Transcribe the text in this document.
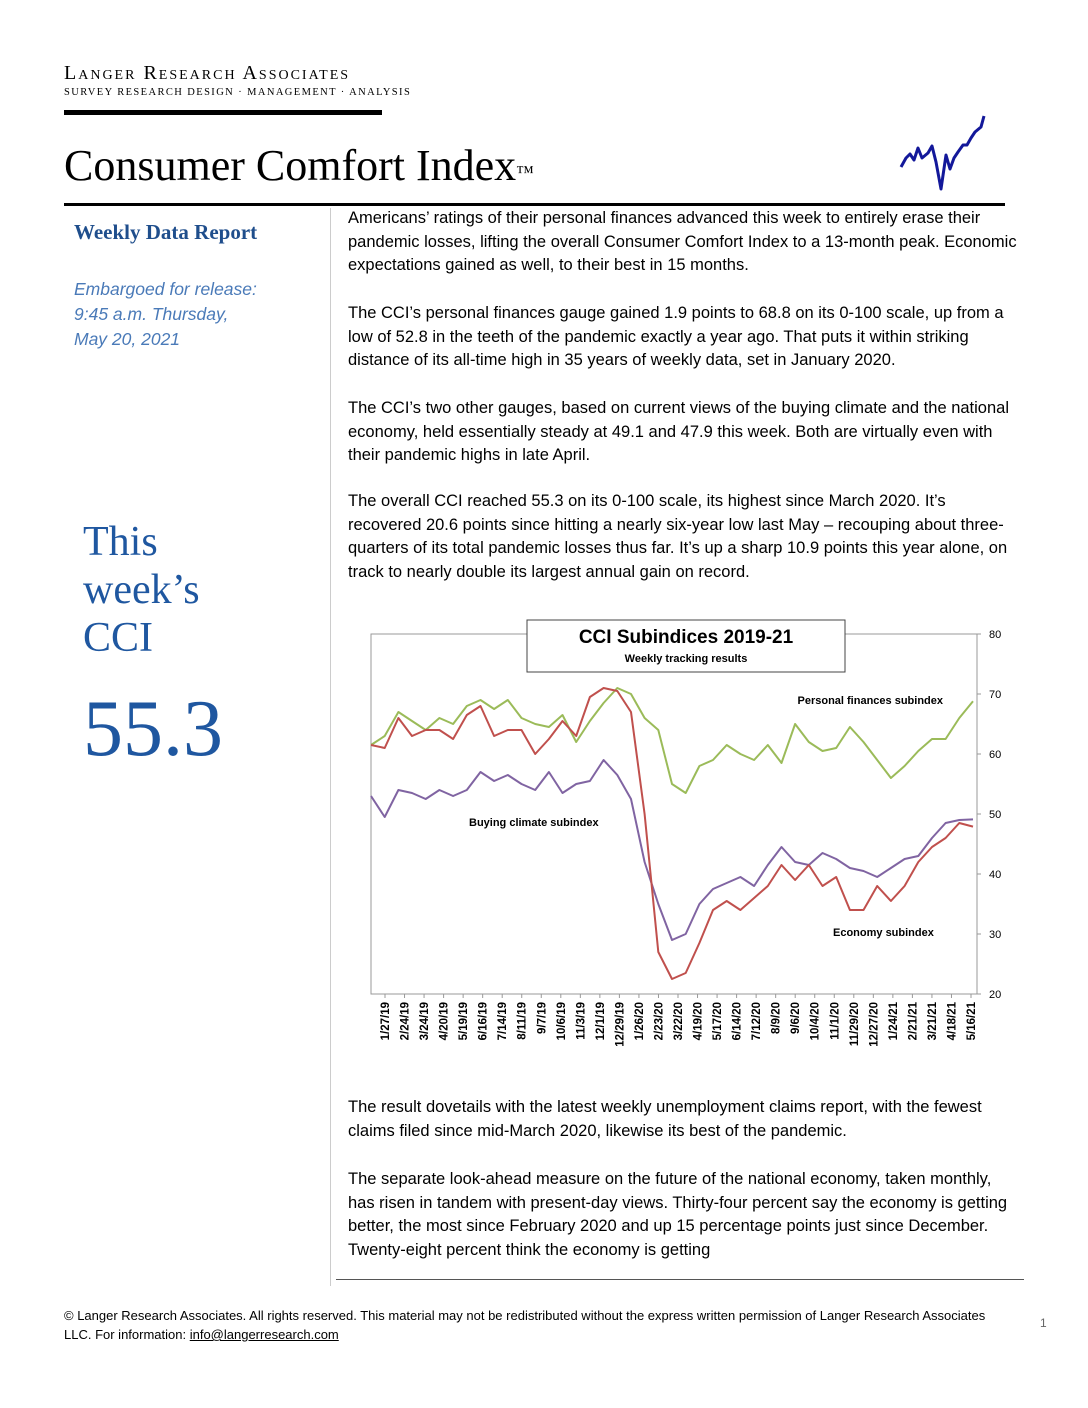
Langer Research Associates
SURVEY RESEARCH DESIGN · MANAGEMENT · ANALYSIS
Consumer Comfort Index™
Weekly Data Report
Embargoed for release:
9:45 a.m. Thursday,
May 20, 2021
This
week’s
CCI
55.3

Americans’ ratings of their personal finances advanced this week to entirely erase their pandemic losses, lifting the overall Consumer Comfort Index to a 13-month peak. Economic expectations gained as well, to their best in 15 months.

The CCI’s personal finances gauge gained 1.9 points to 68.8 on its 0-100 scale, up from a low of 52.8 in the teeth of the pandemic exactly a year ago. That puts it within striking distance of its all-time high in 35 years of weekly data, set in January 2020.

The CCI’s two other gauges, based on current views of the buying climate and the national economy, held essentially steady at 49.1 and 47.9 this week. Both are virtually even with their pandemic highs in late April.

The overall CCI reached 55.3 on its 0-100 scale, its highest since March 2020. It’s recovered 20.6 points since hitting a nearly six-year low last May – recouping about three-quarters of its total pandemic losses thus far. It’s up a sharp 10.9 points this year alone, on track to nearly double its largest annual gain on record.

20
30
40
50
60
70
80
1/27/19 2/24/19 3/24/19 4/20/19 5/19/19 6/16/19 7/14/19 8/11/19 9/7/19 10/6/19 11/3/19 12/1/19 12/29/19 1/26/20 2/23/20 3/22/20 4/19/20 5/17/20 6/14/20 7/12/20 8/9/20 9/6/20 10/4/20 11/1/20 11/29/20 12/27/20 1/24/21 2/21/21 3/21/21 4/18/21 5/16/21
CCI Subindices 2019-21
Weekly tracking results
Personal finances subindex
Buying climate subindex
Economy subindex

The result dovetails with the latest weekly unemployment claims report, with the fewest claims filed since mid-March 2020, likewise its best of the pandemic.

The separate look-ahead measure on the future of the national economy, taken monthly, has risen in tandem with present-day views. Thirty-four percent say the economy is getting better, the most since February 2020 and up 15 percentage points just since December. Twenty-eight percent think the economy is getting

© Langer Research Associates. All rights reserved. This material may not be redistributed without the express written permission of Langer Research Associates LLC. For information: info@langerresearch.com
1
